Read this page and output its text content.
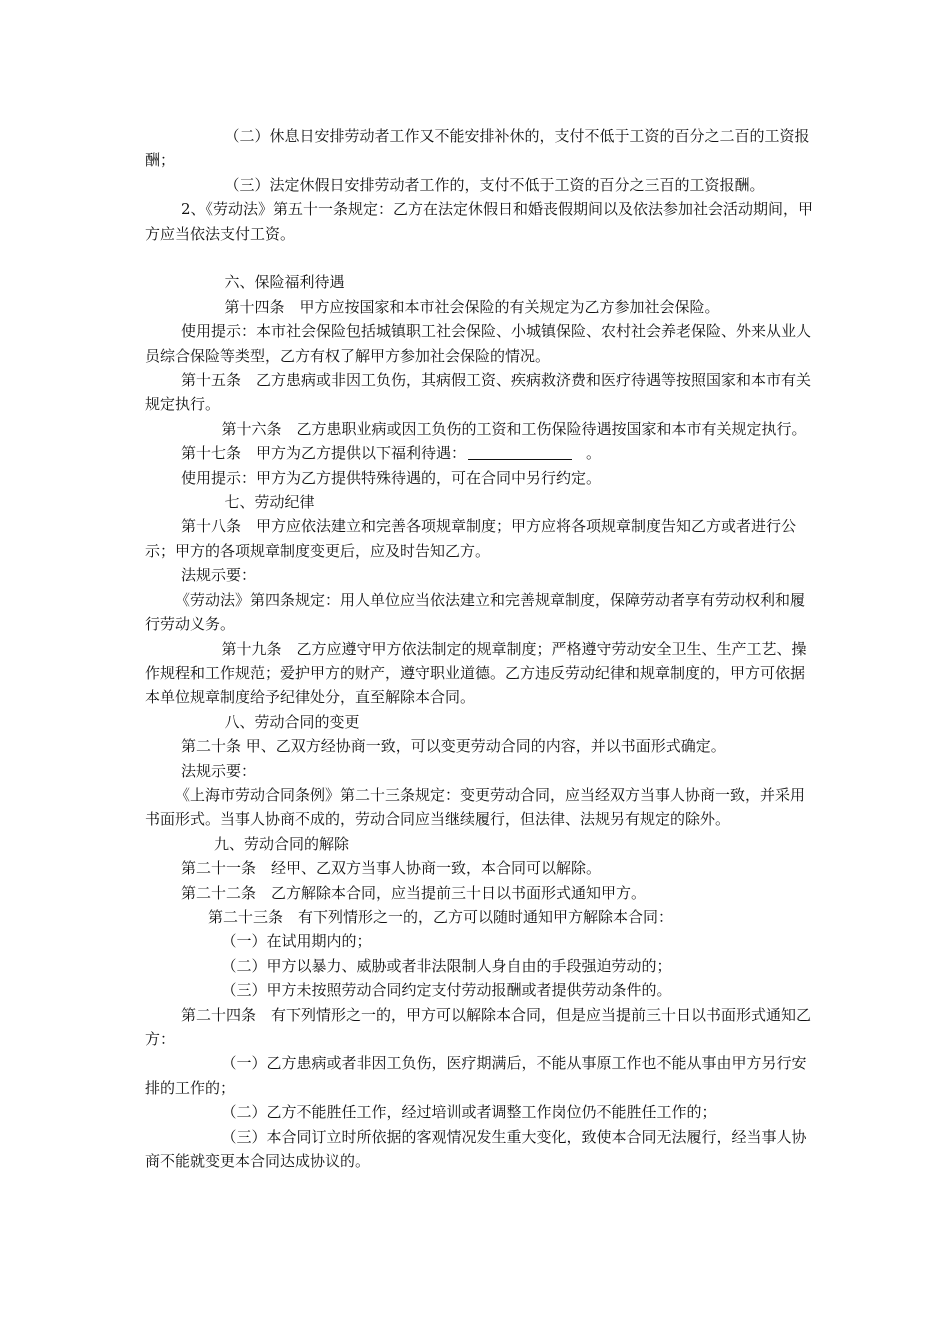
（二）休息日安排劳动者工作又不能安排补休的，支付不低于工资的百分之二百的工资报酬；

（三）法定休假日安排劳动者工作的，支付不低于工资的百分之三百的工资报酬。

2、《劳动法》第五十一条规定：乙方在法定休假日和婚丧假期间以及依法参加社会活动期间，甲方应当依法支付工资。

六、保险福利待遇

第十四条　甲方应按国家和本市社会保险的有关规定为乙方参加社会保险。

使用提示：本市社会保险包括城镇职工社会保险、小城镇保险、农村社会养老保险、外来从业人员综合保险等类型，乙方有权了解甲方参加社会保险的情况。

第十五条　乙方患病或非因工负伤，其病假工资、疾病救济费和医疗待遇等按照国家和本市有关规定执行。

第十六条　乙方患职业病或因工负伤的工资和工伤保险待遇按国家和本市有关规定执行。

第十七条　甲方为乙方提供以下福利待遇：	。

使用提示：甲方为乙方提供特殊待遇的，可在合同中另行约定。

七、劳动纪律

第十八条　甲方应依法建立和完善各项规章制度；甲方应将各项规章制度告知乙方或者进行公示；甲方的各项规章制度变更后，应及时告知乙方。

法规示要：

《劳动法》第四条规定：用人单位应当依法建立和完善规章制度，保障劳动者享有劳动权利和履行劳动义务。

第十九条　乙方应遵守甲方依法制定的规章制度；严格遵守劳动安全卫生、生产工艺、操作规程和工作规范；爱护甲方的财产，遵守职业道德。乙方违反劳动纪律和规章制度的，甲方可依据本单位规章制度给予纪律处分，直至解除本合同。

八、劳动合同的变更

第二十条 甲、乙双方经协商一致，可以变更劳动合同的内容，并以书面形式确定。

法规示要：

《上海市劳动合同条例》第二十三条规定：变更劳动合同，应当经双方当事人协商一致，并采用书面形式。当事人协商不成的，劳动合同应当继续履行，但法律、法规另有规定的除外。

九、劳动合同的解除

第二十一条　经甲、乙双方当事人协商一致，本合同可以解除。

第二十二条　乙方解除本合同，应当提前三十日以书面形式通知甲方。

第二十三条　有下列情形之一的，乙方可以随时通知甲方解除本合同：

（一）在试用期内的；

（二）甲方以暴力、威胁或者非法限制人身自由的手段强迫劳动的；

（三）甲方未按照劳动合同约定支付劳动报酬或者提供劳动条件的。

第二十四条　有下列情形之一的，甲方可以解除本合同，但是应当提前三十日以书面形式通知乙方：

（一）乙方患病或者非因工负伤，医疗期满后，不能从事原工作也不能从事由甲方另行安排的工作的；

（二）乙方不能胜任工作，经过培训或者调整工作岗位仍不能胜任工作的；

（三）本合同订立时所依据的客观情况发生重大变化，致使本合同无法履行，经当事人协商不能就变更本合同达成协议的。
